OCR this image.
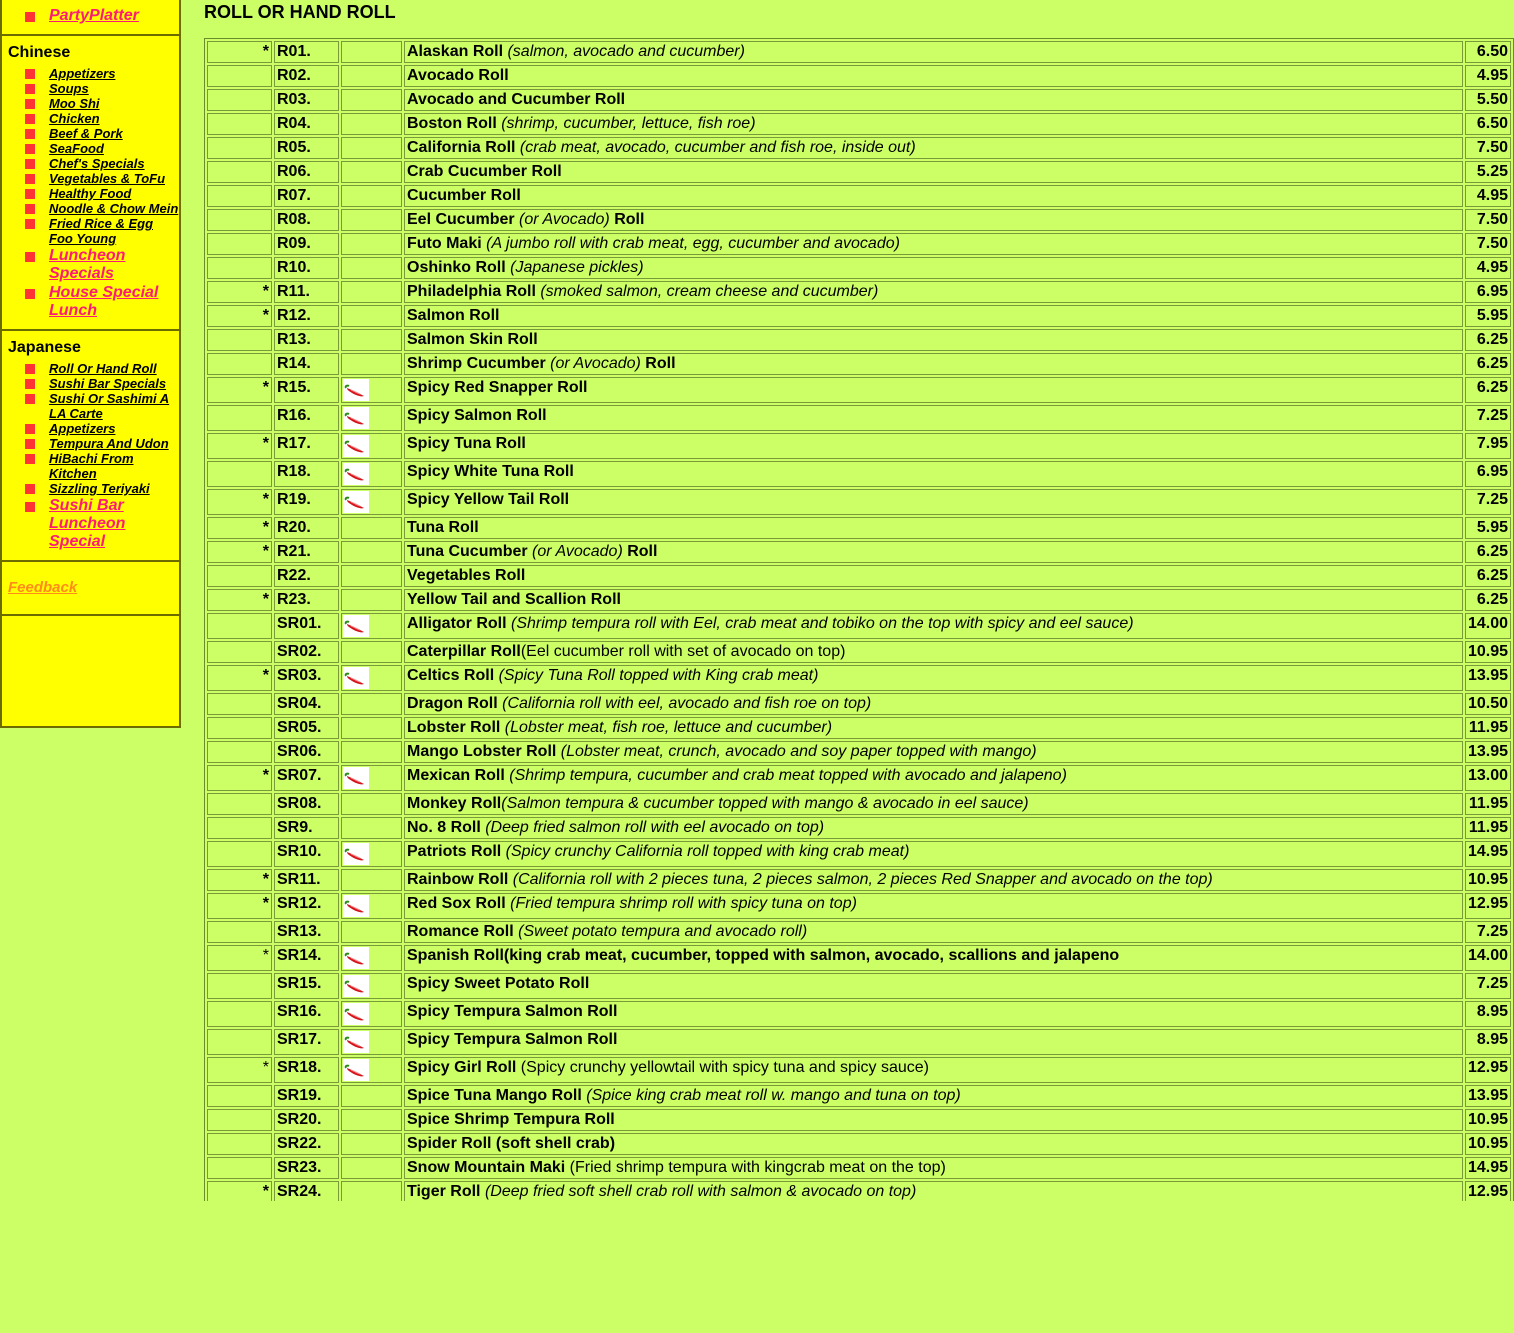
PartyPlatter
Chinese
Appetizers
Soups
Moo Shi
Chicken
Beef & Pork
SeaFood
Chef's Specials
Vegetables & ToFu
Healthy Food
Noodle & Chow Mein
Fried Rice & Egg Foo Young
Luncheon Specials
House Special Lunch
Japanese
Roll Or Hand Roll
Sushi Bar Specials
Sushi Or Sashimi A LA Carte
Appetizers
Tempura And Udon
HiBachi From Kitchen
Sizzling Teriyaki
Sushi Bar Luncheon Special
Feedback
ROLL OR HAND ROLL
*	R01.		Alaskan Roll (salmon, avocado and cucumber)	6.50
	R02.		Avocado Roll	4.95
	R03.		Avocado and Cucumber Roll	5.50
	R04.		Boston Roll (shrimp, cucumber, lettuce, fish roe)	6.50
	R05.		California Roll (crab meat, avocado, cucumber and fish roe, inside out)	7.50
	R06.		Crab Cucumber Roll	5.25
	R07.		Cucumber Roll	4.95
	R08.		Eel Cucumber (or Avocado) Roll	7.50
	R09.		Futo Maki (A jumbo roll with crab meat, egg, cucumber and avocado)	7.50
	R10.		Oshinko Roll (Japanese pickles)	4.95
*	R11.		Philadelphia Roll (smoked salmon, cream cheese and cucumber)	6.95
*	R12.		Salmon Roll	5.95
	R13.		Salmon Skin Roll	6.25
	R14.		Shrimp Cucumber (or Avocado) Roll	6.25
*	R15.		Spicy Red Snapper Roll	6.25
	R16.		Spicy Salmon Roll	7.25
*	R17.		Spicy Tuna Roll	7.95
	R18.		Spicy White Tuna Roll	6.95
*	R19.		Spicy Yellow Tail Roll	7.25
*	R20.		Tuna Roll	5.95
*	R21.		Tuna Cucumber (or Avocado) Roll	6.25
	R22.		Vegetables Roll	6.25
*	R23.		Yellow Tail and Scallion Roll	6.25
	SR01.		Alligator Roll (Shrimp tempura roll with Eel, crab meat and tobiko on the top with spicy and eel sauce)	14.00
	SR02.		Caterpillar Roll(Eel cucumber roll with set of avocado on top)	10.95
*	SR03.		Celtics Roll (Spicy Tuna Roll topped with King crab meat)	13.95
	SR04.		Dragon Roll (California roll with eel, avocado and fish roe on top)	10.50
	SR05.		Lobster Roll (Lobster meat, fish roe, lettuce and cucumber)	11.95
	SR06.		Mango Lobster Roll (Lobster meat, crunch, avocado and soy paper topped with mango)	13.95
*	SR07.		Mexican Roll (Shrimp tempura, cucumber and crab meat topped with avocado and jalapeno)	13.00
	SR08.		Monkey Roll(Salmon tempura & cucumber topped with mango & avocado in eel sauce)	11.95
	SR9.		No. 8 Roll (Deep fried salmon roll with eel avocado on top)	11.95
	SR10.		Patriots Roll (Spicy crunchy California roll topped with king crab meat)	14.95
*	SR11.		Rainbow Roll (California roll with 2 pieces tuna, 2 pieces salmon, 2 pieces Red Snapper and avocado on the top)	10.95
*	SR12.		Red Sox Roll (Fried tempura shrimp roll with spicy tuna on top)	12.95
	SR13.		Romance Roll (Sweet potato tempura and avocado roll)	7.25
*	SR14.		Spanish Roll(king crab meat, cucumber, topped with salmon, avocado, scallions and jalapeno	14.00
	SR15.		Spicy Sweet Potato Roll	7.25
	SR16.		Spicy Tempura Salmon Roll	8.95
	SR17.		Spicy Tempura Salmon Roll	8.95
*	SR18.		Spicy Girl Roll (Spicy crunchy yellowtail with spicy tuna and spicy sauce)	12.95
	SR19.		Spice Tuna Mango Roll (Spice king crab meat roll w. mango and tuna on top)	13.95
	SR20.		Spice Shrimp Tempura Roll	10.95
	SR22.		Spider Roll (soft shell crab)	10.95
	SR23.		Snow Mountain Maki (Fried shrimp tempura with kingcrab meat on the top)	14.95
*	SR24.		Tiger Roll (Deep fried soft shell crab roll with salmon & avocado on top)	12.95
